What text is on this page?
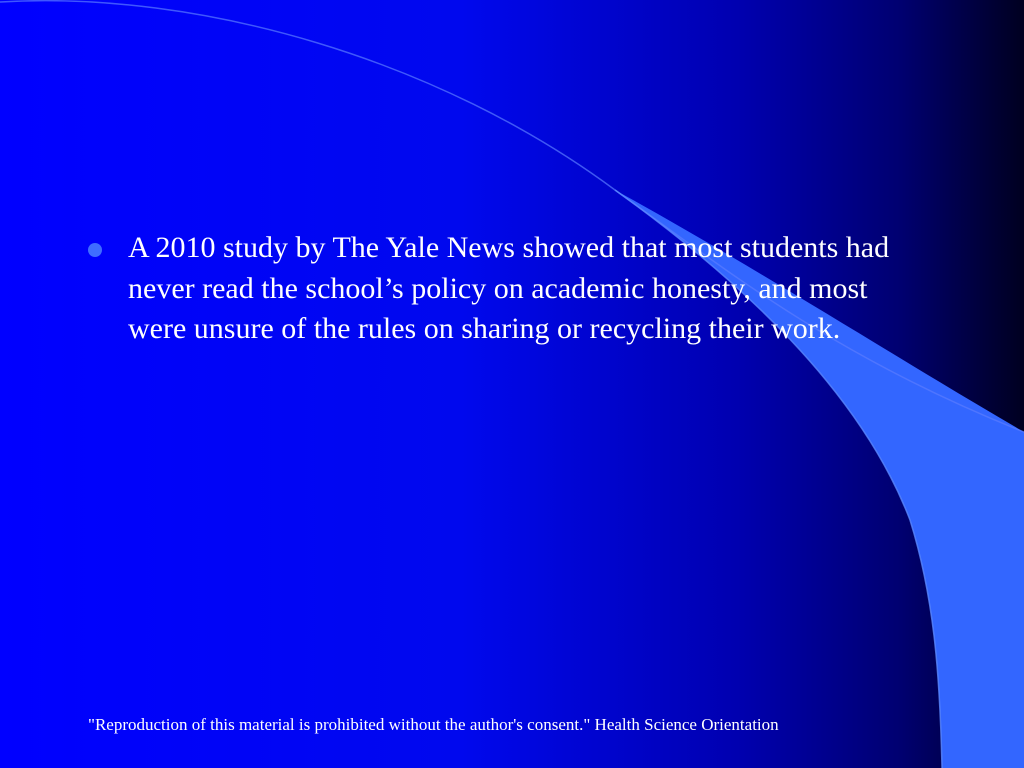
A 2010 study by The Yale News showed that most students had never read the school’s policy on academic honesty, and most were unsure of the rules on sharing or recycling their work.
"Reproduction of this material is prohibited without the author's consent." Health Science Orientation
